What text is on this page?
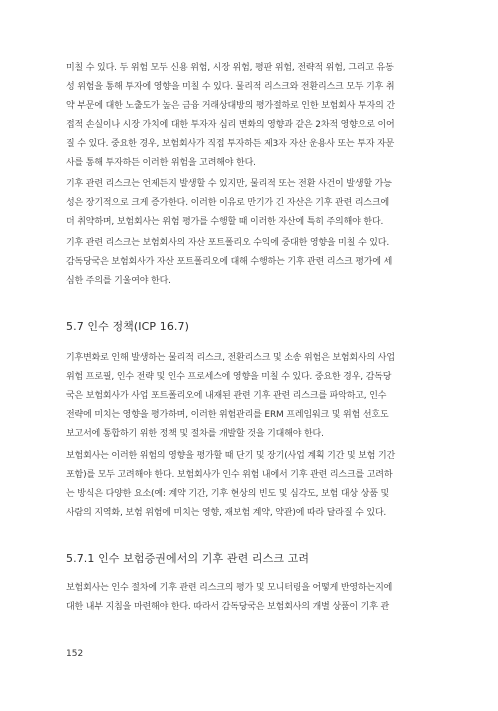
미칠 수 있다. 두 위험 모두 신용 위험, 시장 위험, 평판 위험, 전략적 위험, 그리고 유동
성 위험을 통해 투자에 영향을 미칠 수 있다. 물리적 리스크와 전환리스크 모두 기후 취
약 부문에 대한 노출도가 높은 금융 거래상대방의 평가절하로 인한 보험회사 투자의 간
접적 손실이나 시장 가치에 대한 투자자 심리 변화의 영향과 같은 2차적 영향으로 이어
질 수 있다. 중요한 경우, 보험회사가 직접 투자하든 제3자 자산 운용사 또는 투자 자문
사를 통해 투자하든 이러한 위험을 고려해야 한다.
기후 관련 리스크는 언제든지 발생할 수 있지만, 물리적 또는 전환 사건이 발생할 가능
성은 장기적으로 크게 증가한다. 이러한 이유로 만기가 긴 자산은 기후 관련 리스크에
더 취약하며, 보험회사는 위험 평가를 수행할 때 이러한 자산에 특히 주의해야 한다.
기후 관련 리스크는 보험회사의 자산 포트폴리오 수익에 중대한 영향을 미칠 수 있다.
감독당국은 보험회사가 자산 포트폴리오에 대해 수행하는 기후 관련 리스크 평가에 세
심한 주의를 기울여야 한다.
5.7 인수 정책(ICP 16.7)
기후변화로 인해 발생하는 물리적 리스크, 전환리스크 및 소송 위험은 보험회사의 사업
위험 프로필, 인수 전략 및 인수 프로세스에 영향을 미칠 수 있다. 중요한 경우, 감독당
국은 보험회사가 사업 포트폴리오에 내재된 관련 기후 관련 리스크를 파악하고, 인수
전략에 미치는 영향을 평가하며, 이러한 위험관리를 ERM 프레임워크 및 위험 선호도
보고서에 통합하기 위한 정책 및 절차를 개발할 것을 기대해야 한다.
보험회사는 이러한 위험의 영향을 평가할 때 단기 및 장기(사업 계획 기간 및 보험 기간
포함)를 모두 고려해야 한다. 보험회사가 인수 위험 내에서 기후 관련 리스크를 고려하
는 방식은 다양한 요소(예: 계약 기간, 기후 현상의 빈도 및 심각도, 보험 대상 상품 및
사람의 지역화, 보험 위험에 미치는 영향, 재보험 계약, 약관)에 따라 달라질 수 있다.
5.7.1 인수 보험증권에서의 기후 관련 리스크 고려
보험회사는 인수 절차에 기후 관련 리스크의 평가 및 모니터링을 어떻게 반영하는지에
대한 내부 지침을 마련해야 한다. 따라서 감독당국은 보험회사의 개별 상품이 기후 관
152
